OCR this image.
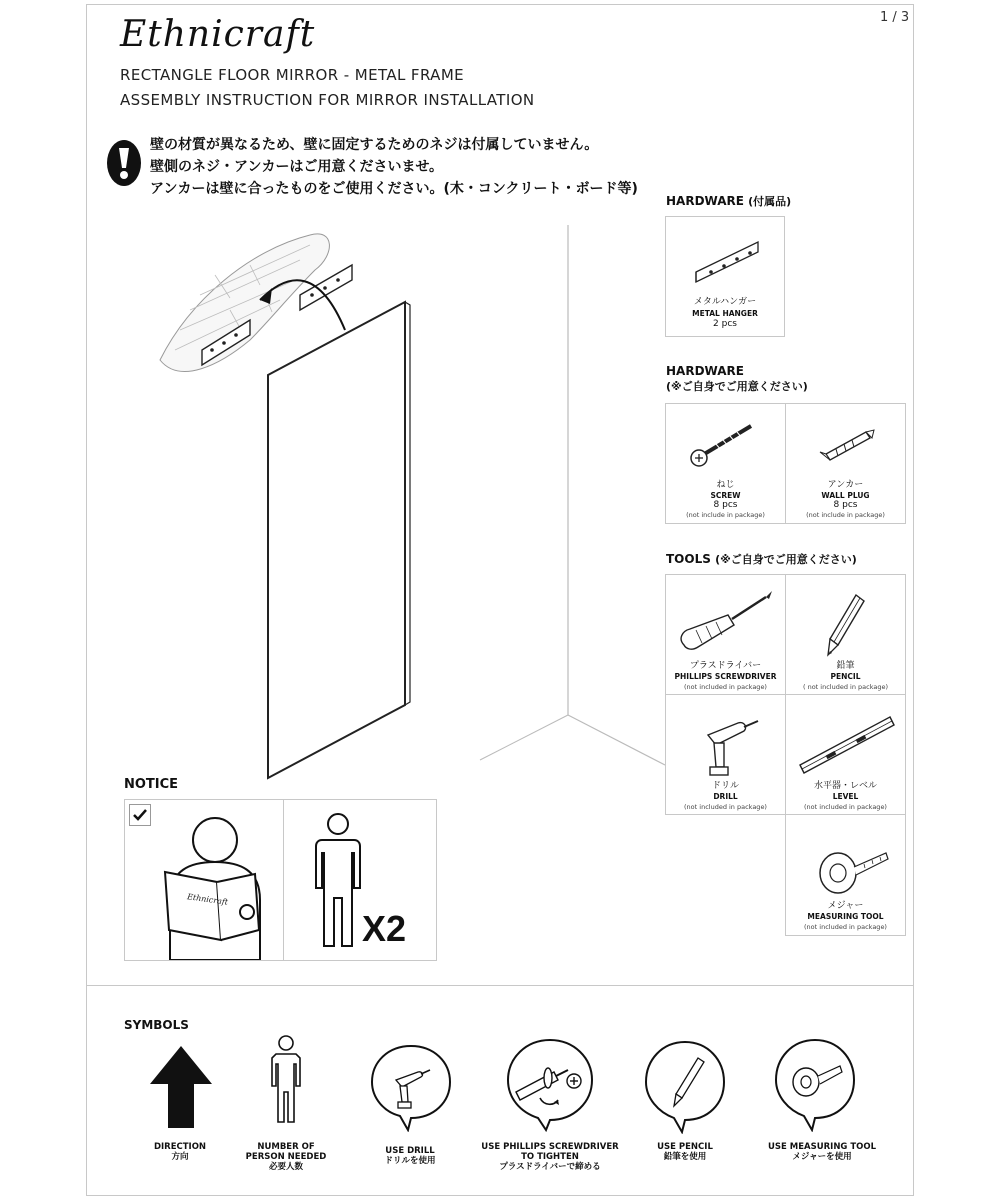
Ethnicraft	1 / 3
RECTANGLE FLOOR MIRROR - METAL FRAME
ASSEMBLY INSTRUCTION FOR MIRROR INSTALLATION
壁の材質が異なるため、壁に固定するためのネジは付属していません。
壁側のネジ・アンカーはご用意くださいませ。
アンカーは壁に合ったものをご使用ください。(木・コンクリート・ボード等)
HARDWARE (付属品)
メタルハンガー
METAL HANGER
2 pcs
HARDWARE
(※ご自身でご用意ください)
ねじ
SCREW
8 pcs
(not include in package)
アンカー
WALL PLUG
8 pcs
(not include in package)
TOOLS (※ご自身でご用意ください)
プラスドライバー
PHILLIPS SCREWDRIVER
(not included in package)
鉛筆
PENCIL
( not included in package)
ドリル
DRILL
(not included in package)
水平器・レベル
LEVEL
(not included in package)
メジャー
MEASURING TOOL
(not included in package)
NOTICE
Ethnicraft
X2
SYMBOLS
DIRECTION
方向
NUMBER OF
PERSON NEEDED
必要人数
USE DRILL
ドリルを使用
USE PHILLIPS SCREWDRIVER
TO TIGHTEN
プラスドライバーで締める
USE PENCIL
鉛筆を使用
USE MEASURING TOOL
メジャーを使用
